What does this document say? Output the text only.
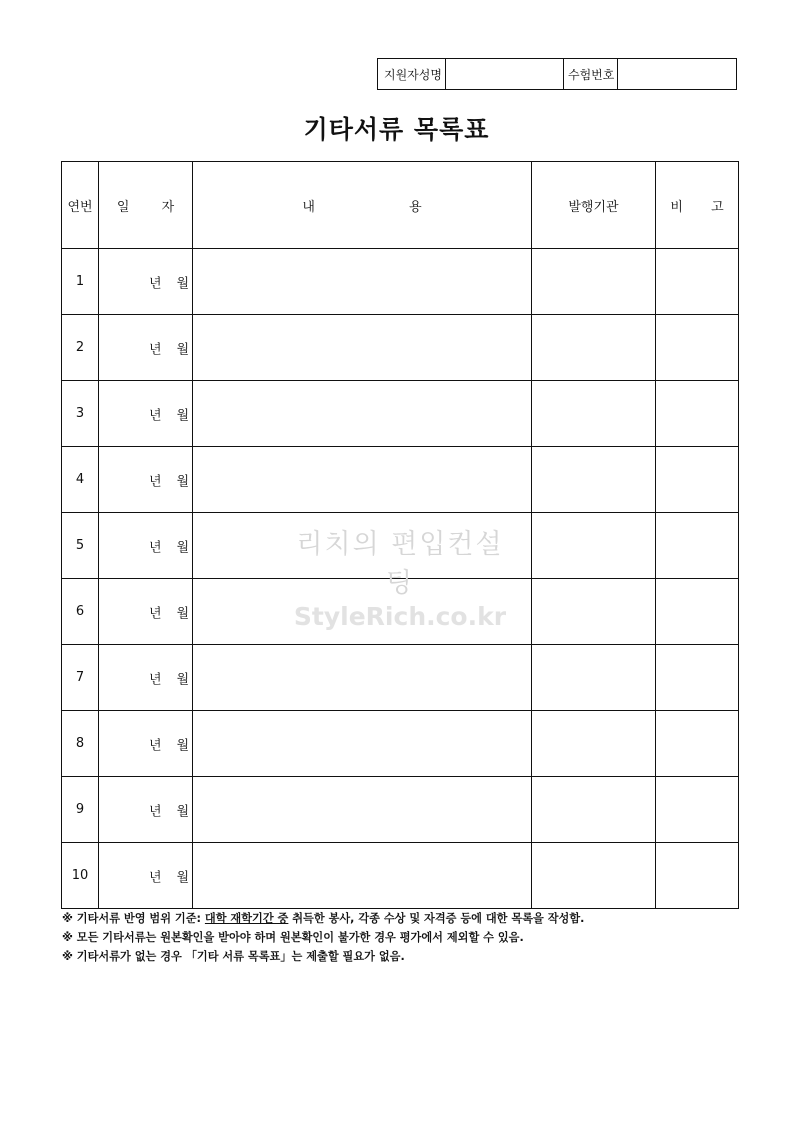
지원자성명	수험번호
기타서류 목록표
연번	일 자	내 용	발행기관	비 고

1	년 월			

2	년 월			

3	년 월			

4	년 월			

5	년 월			

6	년 월			

7	년 월			

8	년 월			

9	년 월			

10	년 월			

리치의 편입컨설팅
StyleRich.co.kr
※ 기타서류 반영 범위 기준: 대학 재학기간 중 취득한 봉사, 각종 수상 및 자격증 등에 대한 목록을 작성함.
※ 모든 기타서류는 원본확인을 받아야 하며 원본확인이 불가한 경우 평가에서 제외할 수 있음.
※ 기타서류가 없는 경우 「기타 서류 목록표」는 제출할 필요가 없음.
